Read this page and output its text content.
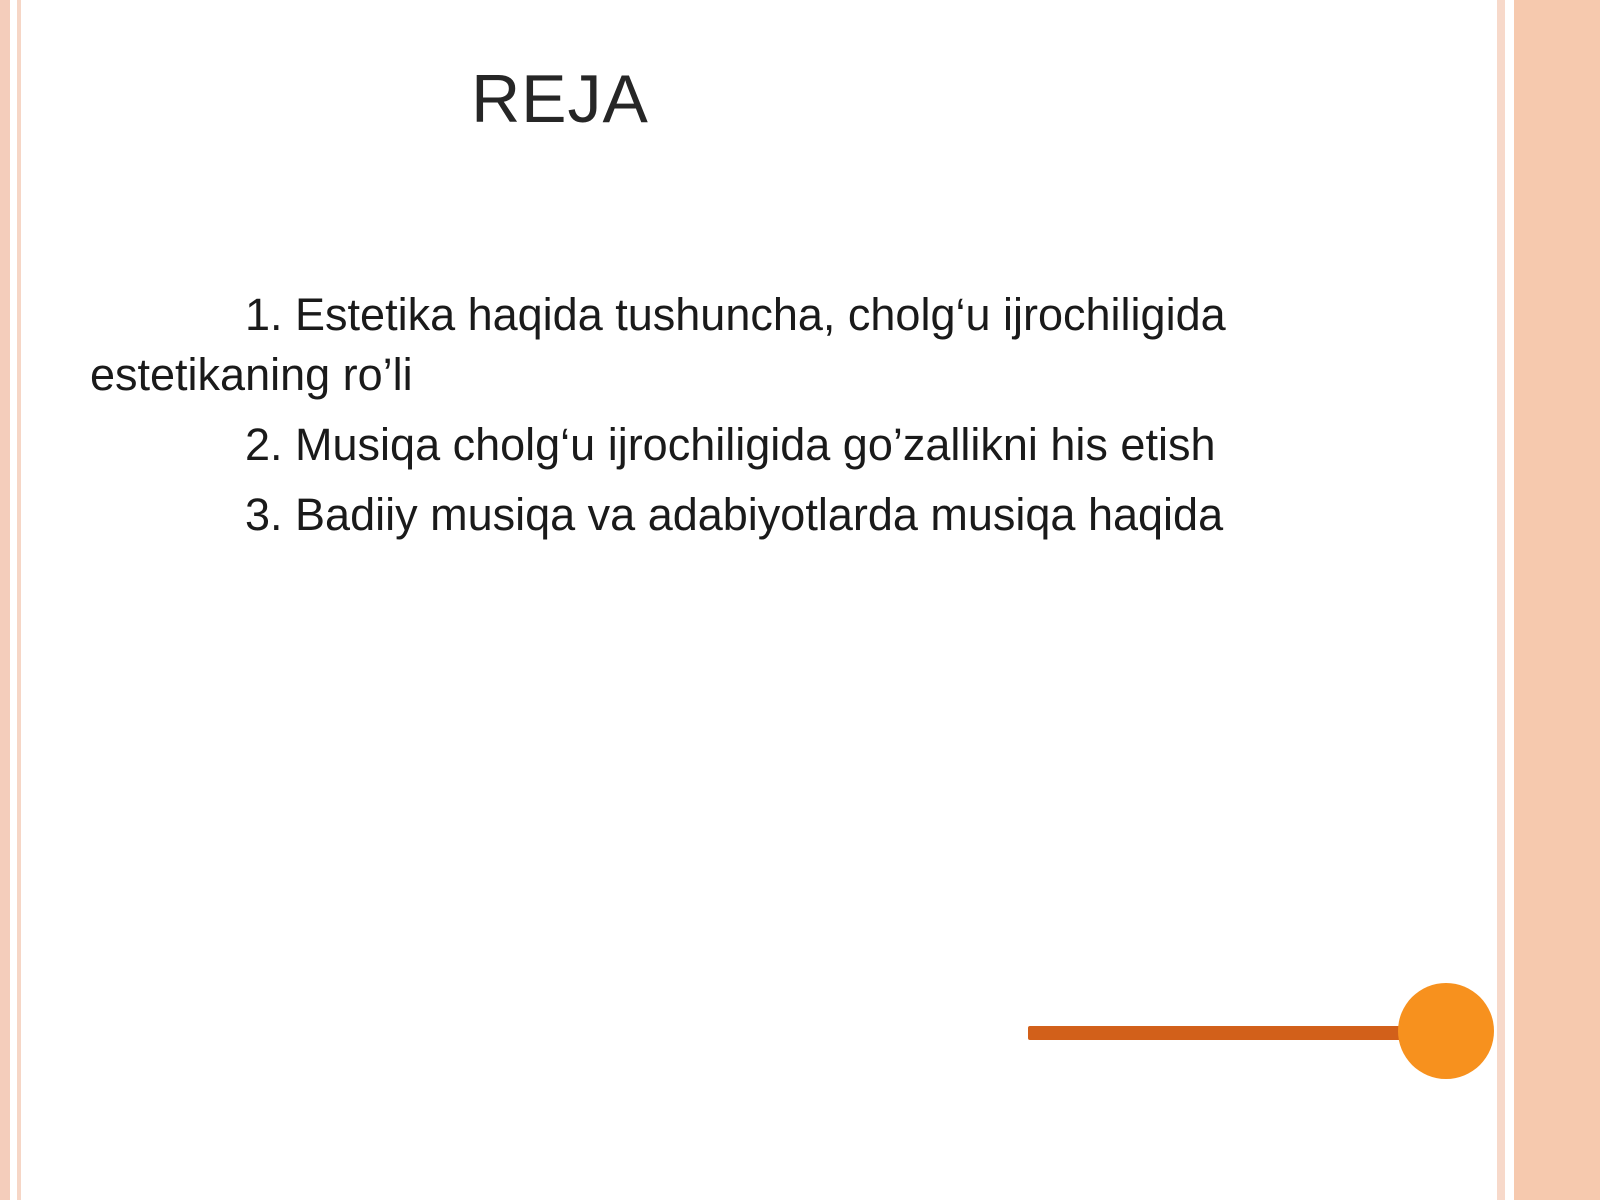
REJA

1. Estetika haqida tushuncha, cholg‘u ijrochiligida estetikaning ro’li

2. Musiqa cholg‘u ijrochiligida go’zallikni his etish

3. Badiiy musiqa va adabiyotlarda musiqa haqida
